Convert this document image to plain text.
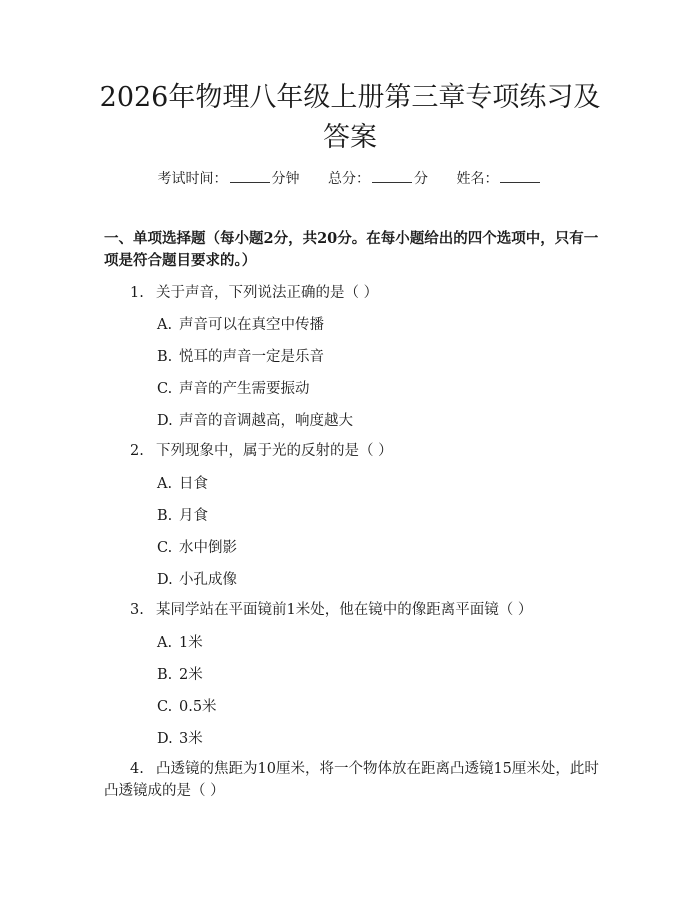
2026年物理八年级上册第三章专项练习及答案
考试时间：	分钟 总分：	分 姓名：

一、单项选择题（每小题2分，共20分。在每小题给出的四个选项中，只有一项是符合题目要求的。）

1. 关于声音，下列说法正确的是（ ）

A. 声音可以在真空中传播

B. 悦耳的声音一定是乐音

C. 声音的产生需要振动

D. 声音的音调越高，响度越大

2. 下列现象中，属于光的反射的是（ ）

A. 日食

B. 月食

C. 水中倒影

D. 小孔成像

3. 某同学站在平面镜前1米处，他在镜中的像距离平面镜（ ）

A. 1米

B. 2米

C. 0.5米

D. 3米

4. 凸透镜的焦距为10厘米，将一个物体放在距离凸透镜15厘米处，此时凸透镜成的是（ ）
